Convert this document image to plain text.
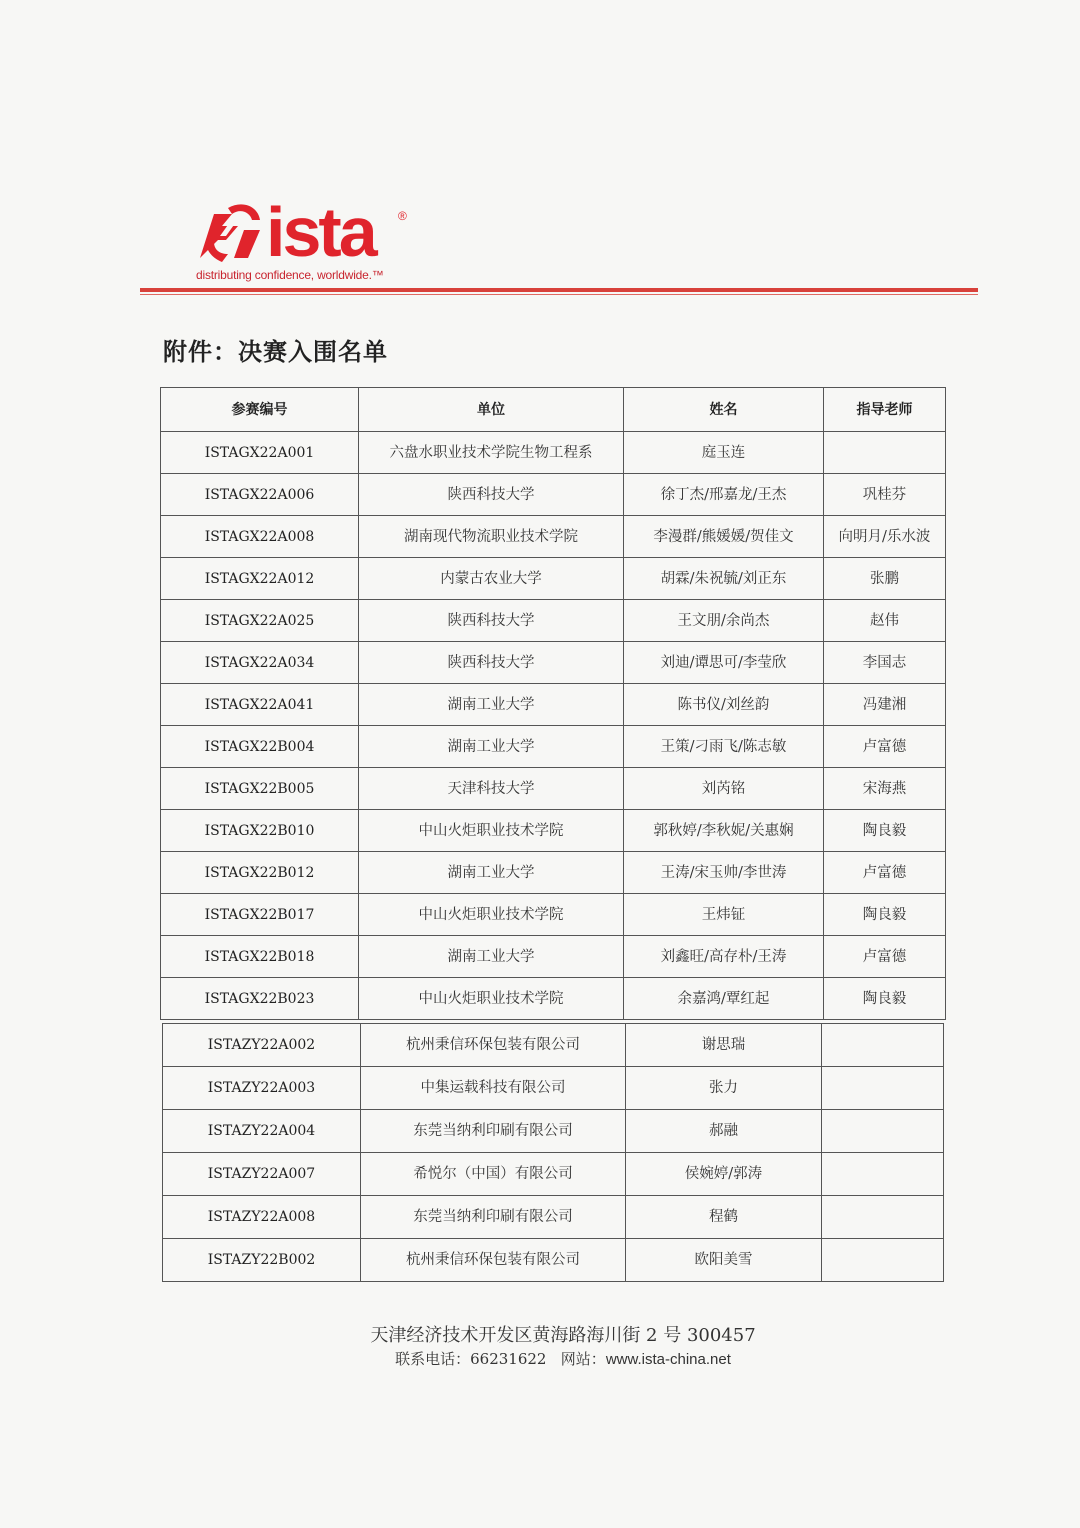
ista	®
distributing confidence, worldwide.™
附件：决赛入围名单
参赛编号	单位	姓名	指导老师
ISTAGX22A001	六盘水职业技术学院生物工程系	庭玉连	
ISTAGX22A006	陕西科技大学	徐丁杰/邢嘉龙/王杰	巩桂芬
ISTAGX22A008	湖南现代物流职业技术学院	李漫群/熊媛媛/贺佳文	向明月/乐水波
ISTAGX22A012	内蒙古农业大学	胡霖/朱祝毓/刘正东	张鹏
ISTAGX22A025	陕西科技大学	王文朋/余尚杰	赵伟
ISTAGX22A034	陕西科技大学	刘迪/谭思可/李莹欣	李国志
ISTAGX22A041	湖南工业大学	陈书仪/刘丝韵	冯建湘
ISTAGX22B004	湖南工业大学	王策/刁雨飞/陈志敏	卢富德
ISTAGX22B005	天津科技大学	刘芮铭	宋海燕
ISTAGX22B010	中山火炬职业技术学院	郭秋婷/李秋妮/关惠娴	陶良毅
ISTAGX22B012	湖南工业大学	王涛/宋玉帅/李世涛	卢富德
ISTAGX22B017	中山火炬职业技术学院	王炜钲	陶良毅
ISTAGX22B018	湖南工业大学	刘鑫旺/高存朴/王涛	卢富德
ISTAGX22B023	中山火炬职业技术学院	余嘉鸿/覃红起	陶良毅
ISTAZY22A002	杭州秉信环保包装有限公司	谢思瑞	
ISTAZY22A003	中集运载科技有限公司	张力	
ISTAZY22A004	东莞当纳利印刷有限公司	郝融	
ISTAZY22A007	希悦尔（中国）有限公司	侯婉婷/郭涛	
ISTAZY22A008	东莞当纳利印刷有限公司	程鹤	
ISTAZY22B002	杭州秉信环保包装有限公司	欧阳美雪	
天津经济技术开发区黄海路海川街 2 号 300457
联系电话：66231622 网站：www.ista-china.net
